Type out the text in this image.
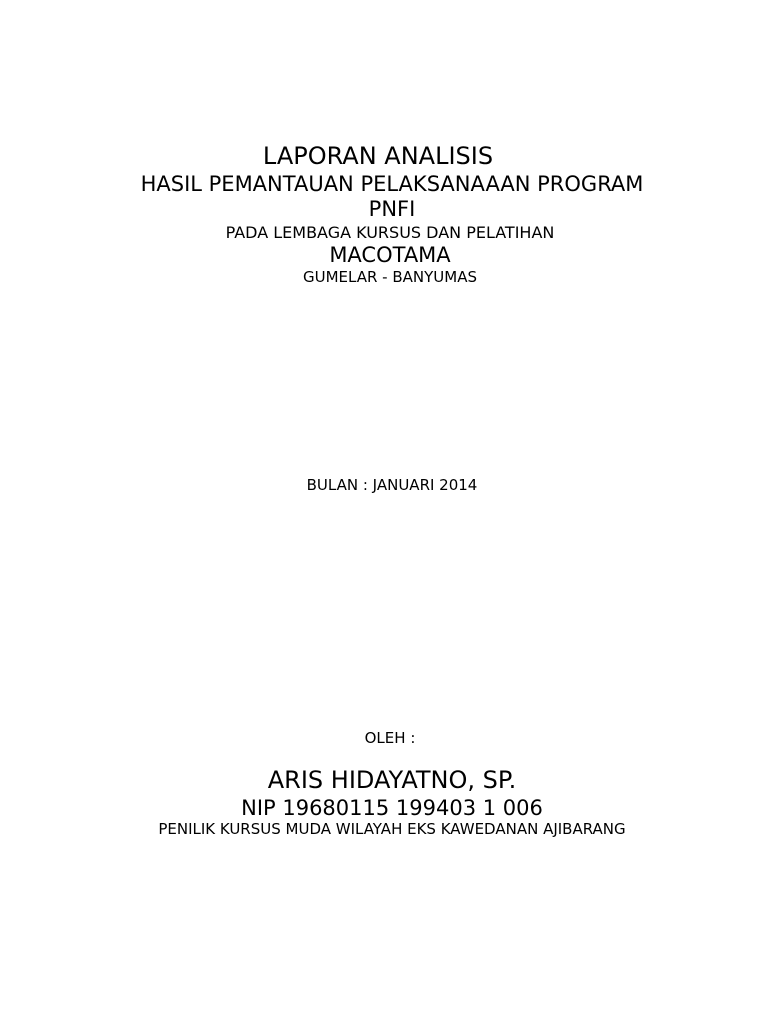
LAPORAN ANALISIS
HASIL PEMANTAUAN PELAKSANAAAN PROGRAM
PNFI
PADA LEMBAGA KURSUS DAN PELATIHAN
MACOTAMA
GUMELAR - BANYUMAS
BULAN : JANUARI 2014
OLEH :
ARIS HIDAYATNO, SP.
NIP 19680115 199403 1 006
PENILIK KURSUS MUDA WILAYAH EKS KAWEDANAN AJIBARANG
